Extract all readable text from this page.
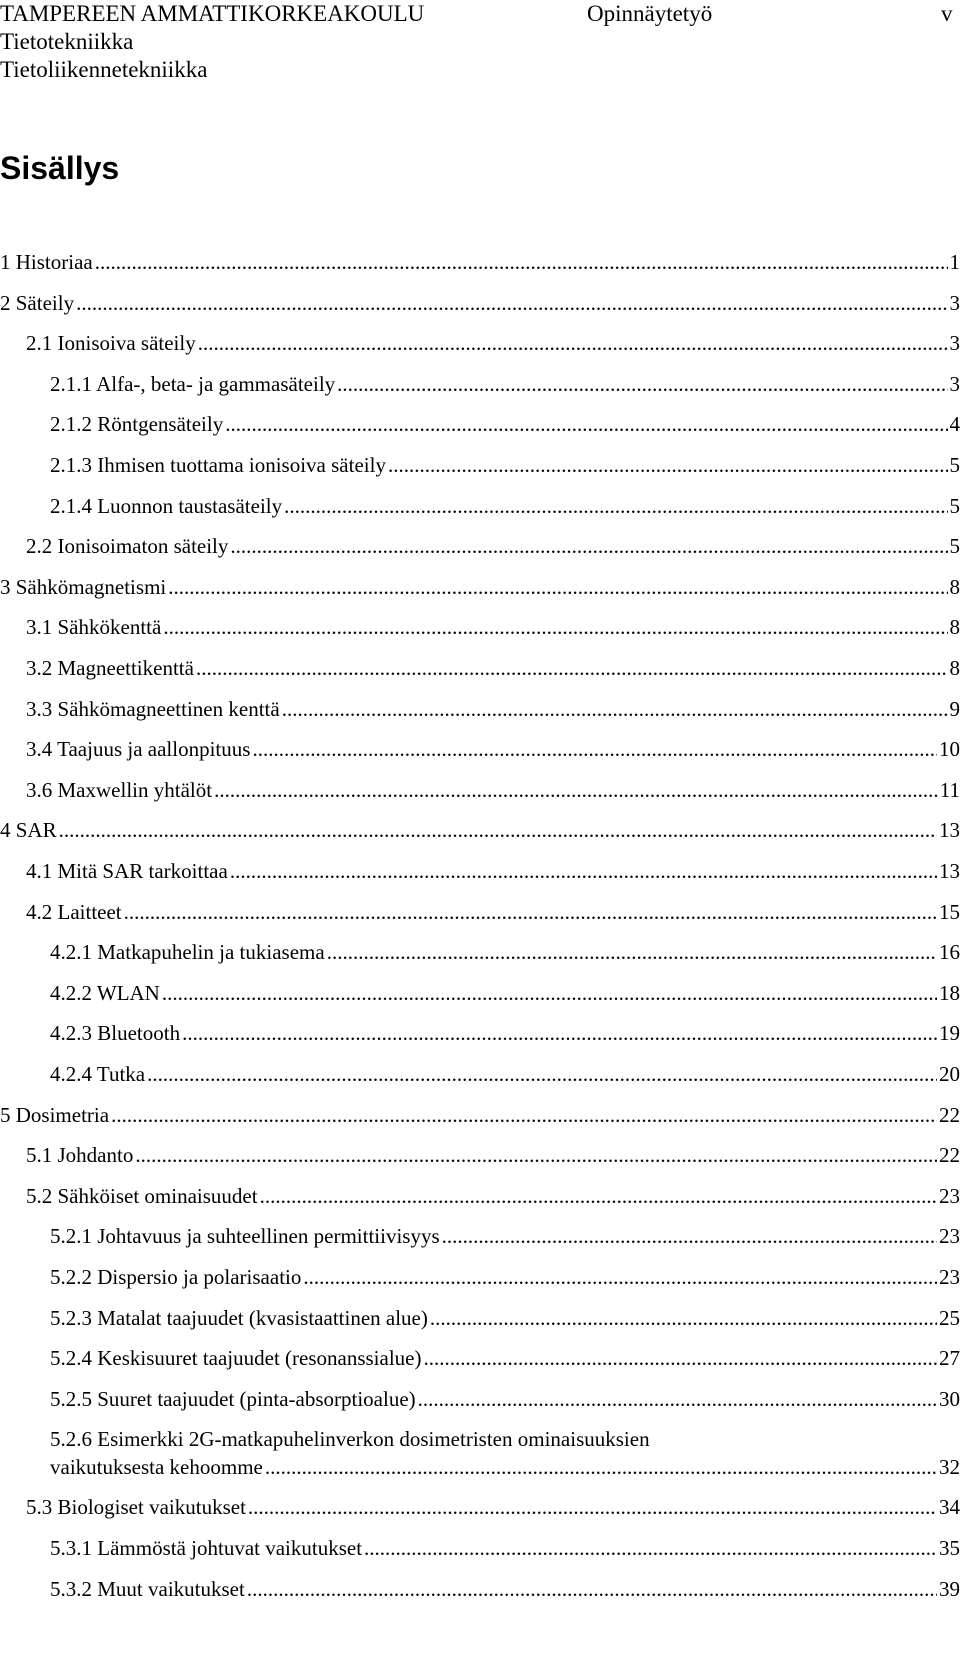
TAMPEREEN AMMATTIKORKEAKOULU	Opinnäytetyö	v
Tietotekniikka
Tietoliikennetekniikka
Sisällys
1 Historiaa .....	1
2 Säteily .....	3
2.1 Ionisoiva säteily .....	3
2.1.1 Alfa-, beta- ja gammasäteily .....	3
2.1.2 Röntgensäteily .....	4
2.1.3 Ihmisen tuottama ionisoiva säteily .....	5
2.1.4 Luonnon taustasäteily .....	5
2.2 Ionisoimaton säteily .....	5
3 Sähkömagnetismi .....	8
3.1 Sähkökenttä .....	8
3.2 Magneettikenttä .....	8
3.3 Sähkömagneettinen kenttä .....	9
3.4 Taajuus ja aallonpituus .....	10
3.6 Maxwellin yhtälöt .....	11
4 SAR .....	13
4.1 Mitä SAR tarkoittaa .....	13
4.2 Laitteet .....	15
4.2.1 Matkapuhelin ja tukiasema .....	16
4.2.2 WLAN .....	18
4.2.3 Bluetooth .....	19
4.2.4 Tutka .....	20
5 Dosimetria .....	22
5.1 Johdanto .....	22
5.2 Sähköiset ominaisuudet .....	23
5.2.1 Johtavuus ja suhteellinen permittiivisyys .....	23
5.2.2 Dispersio ja polarisaatio .....	23
5.2.3 Matalat taajuudet (kvasistaattinen alue) .....	25
5.2.4 Keskisuuret taajuudet (resonanssialue) .....	27
5.2.5 Suuret taajuudet (pinta-absorptioalue) .....	30
5.2.6 Esimerkki 2G-matkapuhelinverkon dosimetristen ominaisuuksien
vaikutuksesta kehoomme .....	32
5.3 Biologiset vaikutukset .....	34
5.3.1 Lämmöstä johtuvat vaikutukset .....	35
5.3.2 Muut vaikutukset .....	39
